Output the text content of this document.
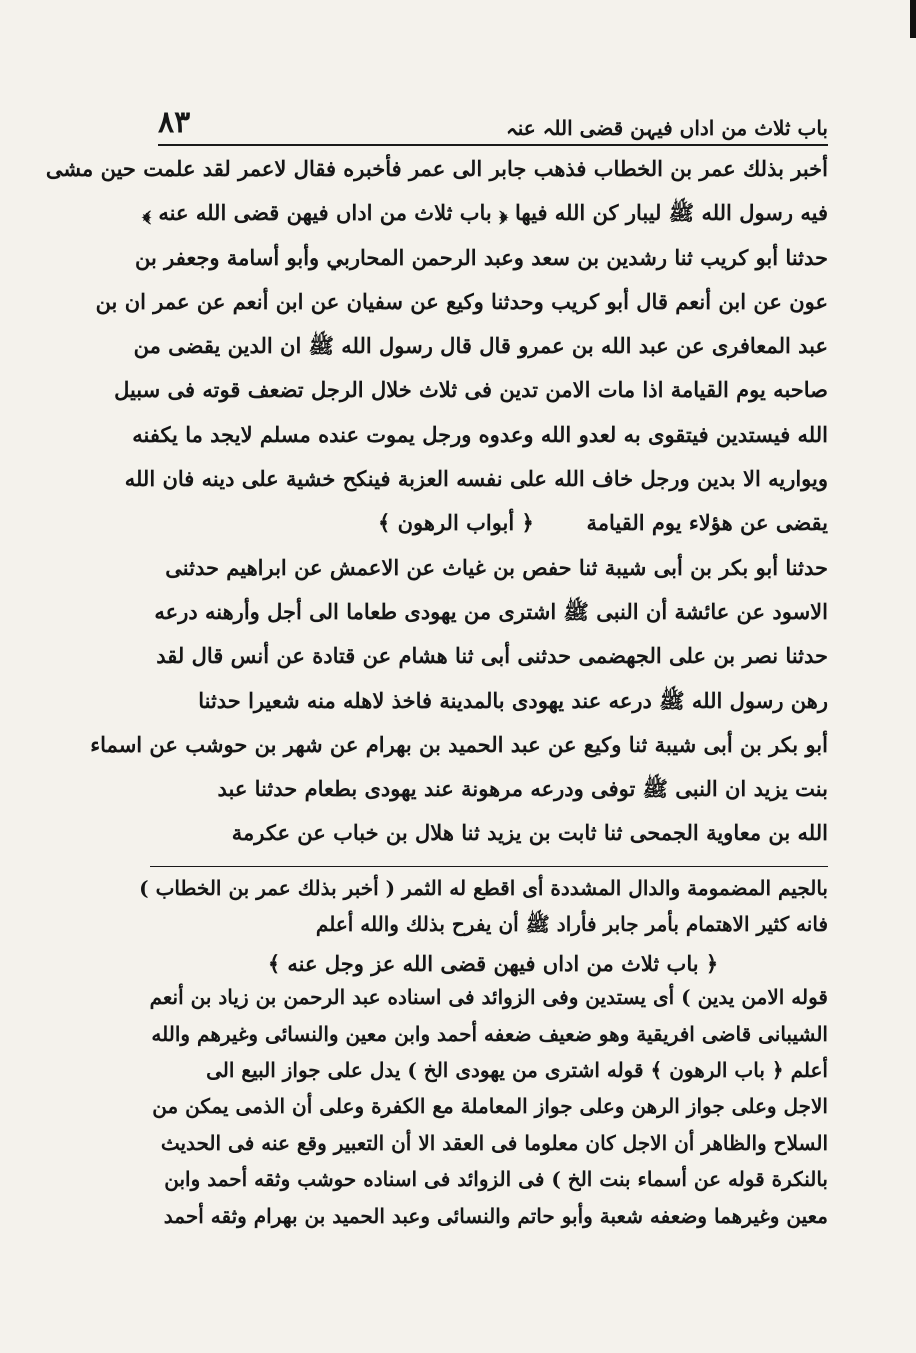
٨٣	باب ثلاث من اداں فیہن قضی اللہ عنہ
أخبر بذلك عمر بن الخطاب فذهب جابر الى عمر فأخبره فقال لاعمر لقد علمت حين مشى
فيه رسول الله ﷺ ليبار كن الله فيها ﴿ باب ثلاث من اداں فيهن قضى الله عنه ﴾
حدثنا أبو كريب ثنا رشدين بن سعد وعبد الرحمن المحاربي وأبو أسامة وجعفر بن
عون عن ابن أنعم قال أبو كريب وحدثنا وكيع عن سفيان عن ابن أنعم عن عمر ان بن
عبد المعافرى عن عبد الله بن عمرو قال قال رسول الله ﷺ ان الدين يقضى من
صاحبه يوم القيامة اذا مات الامن تدين فى ثلاث خلال الرجل تضعف قوته فى سبيل
الله فيستدين فيتقوى به لعدو الله وعدوه ورجل يموت عنده مسلم لايجد ما يكفنه
ويواريه الا بدين ورجل خاف الله على نفسه العزبة فينكح خشية على دينه فان الله
يقضى عن هؤلاء يوم القيامة
﴿ أبواب الرهون ﴾
حدثنا أبو بكر بن أبى شيبة ثنا حفص بن غياث عن الاعمش عن ابراهيم حدثنى
الاسود عن عائشة أن النبى ﷺ اشترى من يهودى طعاما الى أجل وأرهنه درعه
حدثنا نصر بن على الجهضمى حدثنى أبى ثنا هشام عن قتادة عن أنس قال لقد
رهن رسول الله ﷺ درعه عند يهودى بالمدينة فاخذ لاهله منه شعيرا حدثنا
أبو بكر بن أبى شيبة ثنا وكيع عن عبد الحميد بن بهرام عن شهر بن حوشب عن اسماء
بنت يزيد ان النبى ﷺ توفى ودرعه مرهونة عند يهودى بطعام حدثنا عبد
الله بن معاوية الجمحى ثنا ثابت بن يزيد ثنا هلال بن خباب عن عكرمة
بالجيم المضمومة والدال المشددة أى اقطع له الثمر ( أخبر بذلك عمر بن الخطاب )
فانه كثير الاهتمام بأمر جابر فأراد ﷺ أن يفرح بذلك والله أعلم
﴿ باب ثلاث من اداں فيهن قضى الله عز وجل عنه ﴾
قوله الامن يدين ) أى يستدين وفى الزوائد فى اسناده عبد الرحمن بن زياد بن أنعم
الشيبانى قاضى افريقية وهو ضعيف ضعفه أحمد وابن معين والنسائى وغيرهم والله
أعلم ﴿ باب الرهون ﴾ قوله اشترى من يهودى الخ ) يدل على جواز البيع الى
الاجل وعلى جواز الرهن وعلى جواز المعاملة مع الكفرة وعلى أن الذمى يمكن من
السلاح والظاهر أن الاجل كان معلوما فى العقد الا أن التعبير وقع عنه فى الحديث
بالنكرة قوله عن أسماء بنت الخ ) فى الزوائد فى اسناده حوشب وثقه أحمد وابن
معين وغيرهما وضعفه شعبة وأبو حاتم والنسائى وعبد الحميد بن بهرام وثقه أحمد
